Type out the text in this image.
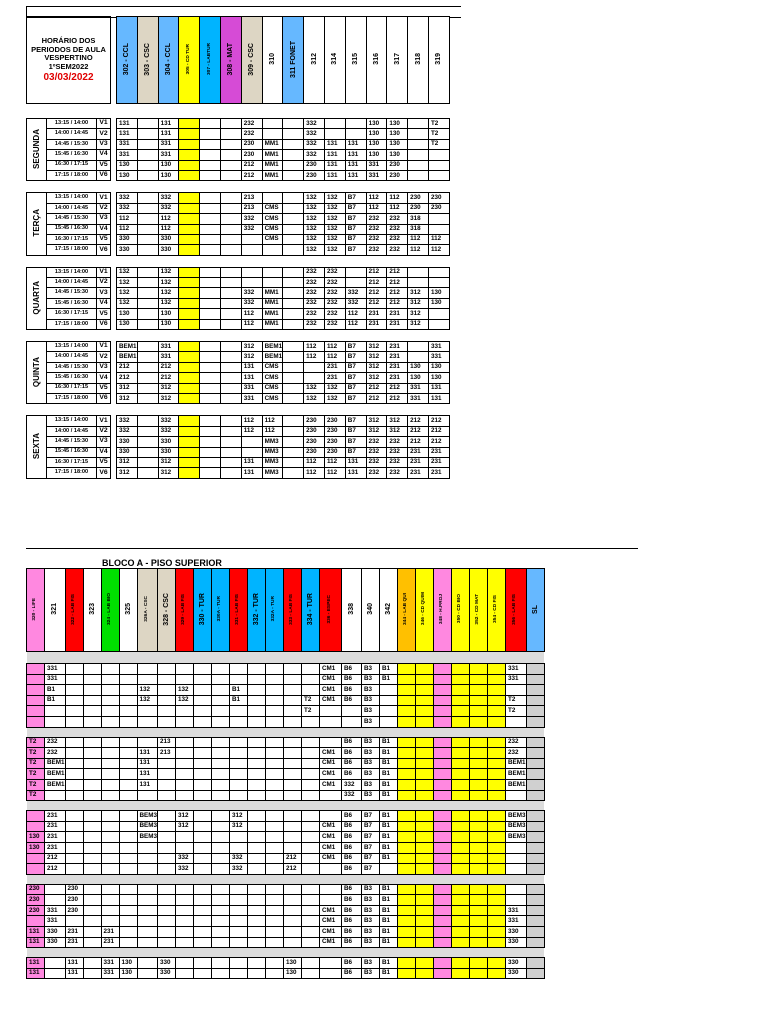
HORÁRIO DOS
PERIODOS DE AULA
VESPERTINO
1ºSEM2022
03/03/2022				302 - CCL	303 - CSC	304 - CCL	305 - CD TUR	307 - LABTUR	308 - MAT	309 - CSC	310	311 FONET	312	314	315	316	317	318	319

SEGUNDA	13:15 / 14:00	V1		131		131				232			332			130	130		T2
	14:00 / 14:45	V2		131		131				232			332			130	130		T2
	14:45 / 15:30	V3		331		331				230	MM1		332	131	131	130	130		T2
	15:45 / 16:30	V4		331		331				230	MM1		332	131	131	130	130		
	16:30 / 17:15	V5		130		130				212	MM1		230	131	131	331	230		
	17:15 / 18:00	V6		130		130				212	MM1		230	131	131	331	230		

TERÇA	13:15 / 14:00	V1		332		332				213			132	132	B7	112	112	230	230
	14:00 / 14:45	V2		332		332				213	CMS		132	132	B7	112	112	230	230
	14:45 / 15:30	V3		112		112				332	CMS		132	132	B7	232	232	318	
	15:45 / 16:30	V4		112		112				332	CMS		132	132	B7	232	232	318	
	16:30 / 17:15	V5		330		330					CMS		132	132	B7	232	232	112	112
	17:15 / 18:00	V6		330		330							132	132	B7	232	232	112	112

QUARTA	13:15 / 14:00	V1		132		132							232	232		212	212		
	14:00 / 14:45	V2		132		132							232	232		212	212		
	14:45 / 15:30	V3		132		132				332	MM1		232	232	332	212	212	312	130
	15:45 / 16:30	V4		132		132				332	MM1		232	232	332	212	212	312	130
	16:30 / 17:15	V5		130		130				112	MM1		232	232	112	231	231	312	
	17:15 / 18:00	V6		130		130				112	MM1		232	232	112	231	231	312	

QUINTA	13:15 / 14:00	V1		BEM1		331				312	BEM1		112	112	B7	312	231		331
	14:00 / 14:45	V2		BEM1		331				312	BEM1		112	112	B7	312	231		331
	14:45 / 15:30	V3		212		212				131	CMS			231	B7	312	231	130	130
	15:45 / 16:30	V4		212		212				131	CMS			231	B7	312	231	130	130
	16:30 / 17:15	V5		312		312				331	CMS		132	132	B7	212	212	331	131
	17:15 / 18:00	V6		312		312				331	CMS		132	132	B7	212	212	331	131

SEXTA	13:15 / 14:00	V1		332		332				112	112		230	230	B7	312	312	212	212
	14:00 / 14:45	V2		332		332				112	112		230	230	B7	312	312	212	212
	14:45 / 15:30	V3		330		330					MM3		230	230	B7	232	232	212	212
	15:45 / 16:30	V4		330		330					MM3		230	230	B7	232	232	231	231
	16:30 / 17:15	V5		312		312				131	MM3		112	112	131	232	232	231	231
	17:15 / 18:00	V6		312		312				131	MM3		112	112	131	232	232	231	231
BLOCO A - PISO SUPERIOR
320 - LIFE	321	322 - LAB FIS	323	324 - LAB BIO	325	326A - CSC	328 - CSC	329 - LAB FIS	330 - TUR	330A - TUR	331 - LAB FIS	332 - TUR	332A - TUR	333 - LAB FIS	334 - TUR	336 - ESPEC	338	340	342	344 - LAB QUI	346 - CD QUIM	348 - H.PROJ	350 - CD BIO	352 - CD MAT	354 - CD FIS	356 - LAB FIS	SL

	331															CM1	B6	B3	B1							331	
	331															CM1	B6	B3	B1							331	
	B1					132		132			B1					CM1	B6	B3									
	B1					132		132			B1				T2	CM1	B6	B3								T2	
															T2			B3								T2	
																		B3									

T2	232						213										B6	B3	B1							232	
T2	232					131	213									CM1	B6	B3	B1							232	
T2	BEM1					131										CM1	B6	B3	B1							BEM1	
T2	BEM1					131										CM1	B6	B3	B1							BEM1	
T2	BEM1					131										CM1	332	B3	B1							BEM1	
T2																	332	B3	B1								

	231					BEM3		312			312						B6	B7	B1							BEM3	
	231					BEM3		312			312					CM1	B6	B7	B1							BEM3	
130	231					BEM3										CM1	B6	B7	B1							BEM3	
130	231															CM1	B6	B7	B1								
	212							332			332			212		CM1	B6	B7	B1								
	212							332			332			212			B6	B7									

230		230															B6	B3	B1								
230		230															B6	B3	B1								
230	331	230														CM1	B6	B3	B1							331	
	331															CM1	B6	B3	B1							331	
131	330	231		231												CM1	B6	B3	B1							330	
131	330	231		231												CM1	B6	B3	B1							330	

131		131		331	130		330							130			B6	B3	B1							330	
131		131		331	130		330							130			B6	B3	B1							330	
